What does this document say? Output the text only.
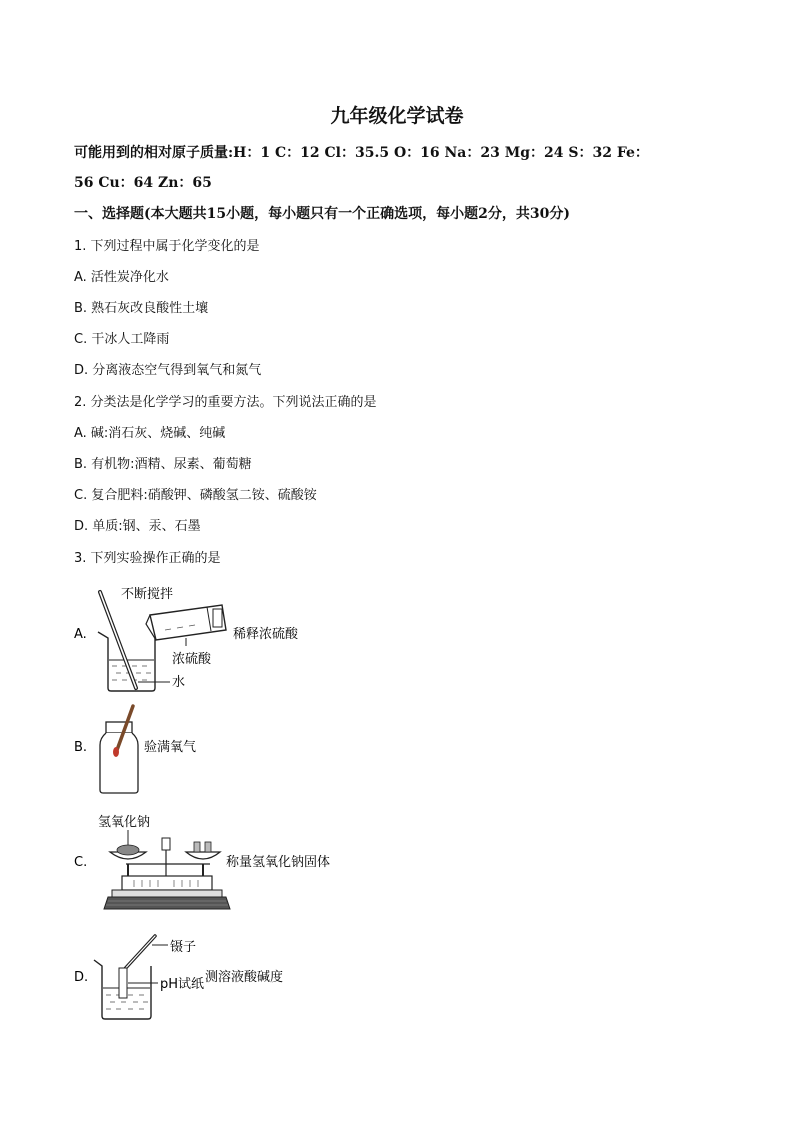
九年级化学试卷
可能用到的相对原子质量:H：1 C：12 Cl：35.5 O：16 Na：23 Mg：24 S：32 Fe：
56 Cu：64 Zn：65
一、选择题(本大题共15小题，每小题只有一个正确选项，每小题2分，共30分)
1. 下列过程中属于化学变化的是
A. 活性炭净化水
B. 熟石灰改良酸性土壤
C. 干冰人工降雨
D. 分离液态空气得到氧气和氮气
2. 分类法是化学学习的重要方法。下列说法正确的是
A. 碱:消石灰、烧碱、纯碱
B. 有机物:酒精、尿素、葡萄糖
C. 复合肥料:硝酸钾、磷酸氢二铵、硫酸铵
D. 单质:钢、汞、石墨
3. 下列实验操作正确的是
A.
不断搅拌
稀释浓硫酸
浓硫酸
水
B.	验满氧气
氢氧化钠
C.	称量氢氧化钠固体
D.
镊子
pH试纸 测溶液酸碱度
